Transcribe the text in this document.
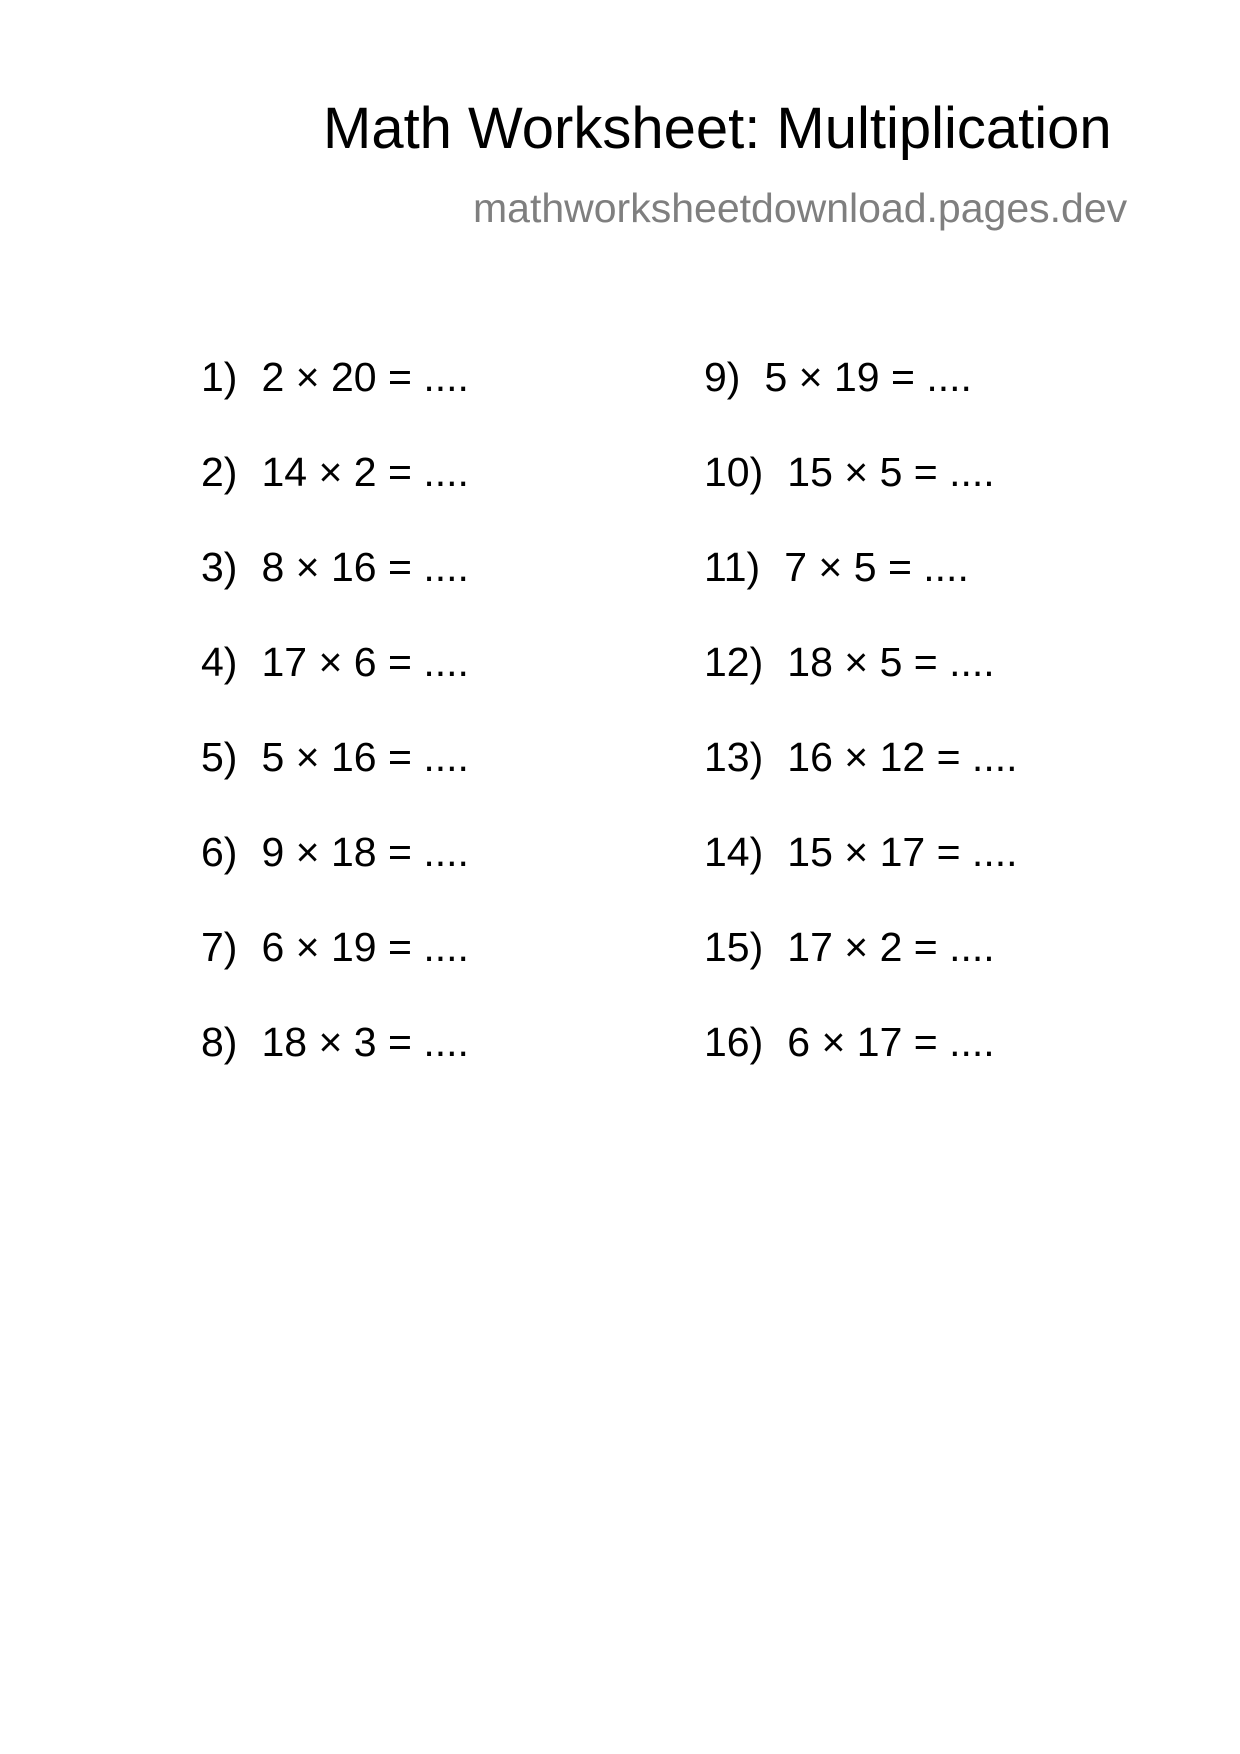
Math Worksheet: Multiplication
mathworksheetdownload.pages.dev
1) 2 × 20 = ....
2) 14 × 2 = ....
3) 8 × 16 = ....
4) 17 × 6 = ....
5) 5 × 16 = ....
6) 9 × 18 = ....
7) 6 × 19 = ....
8) 18 × 3 = ....
9) 5 × 19 = ....
10) 15 × 5 = ....
11) 7 × 5 = ....
12) 18 × 5 = ....
13) 16 × 12 = ....
14) 15 × 17 = ....
15) 17 × 2 = ....
16) 6 × 17 = ....
